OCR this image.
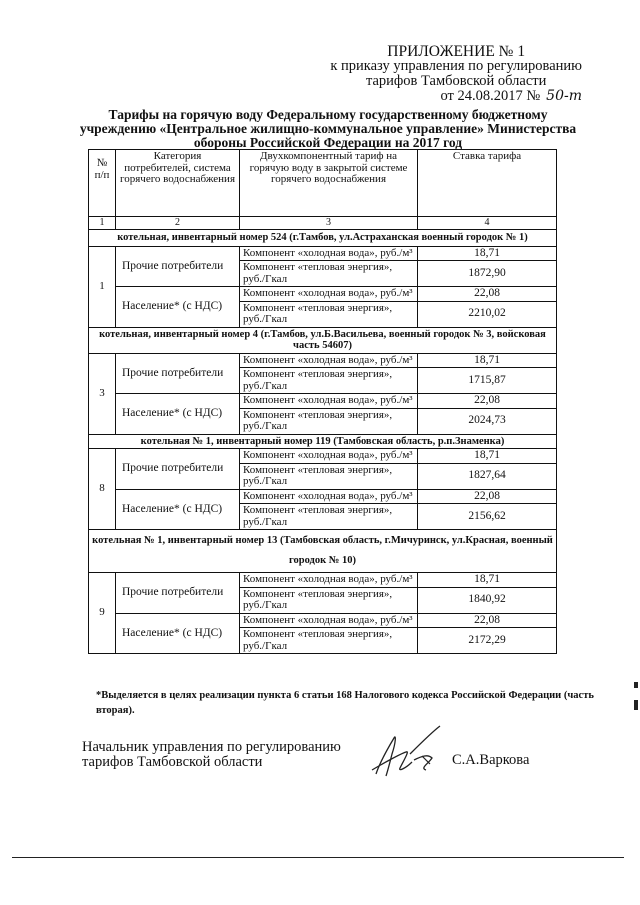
ПРИЛОЖЕНИЕ № 1
к приказу управления по регулированию
тарифов Тамбовской области
от 24.08.2017 № 50-т
Тарифы на горячую воду Федеральному государственному бюджетному
учреждению «Центральное жилищно-коммунальное управление» Министерства
обороны Российской Федерации на 2017 год
№ п/п	Категория потребителей, система горячего водоснабжения	Двухкомпонентный тариф на горячую воду в закрытой системе горячего водоснабжения	Ставка тарифа
1	2	3	4
котельная, инвентарный номер 524 (г.Тамбов, ул.Астраханская военный городок № 1)			
1	Прочие потребители	Компонент «холодная вода», руб./м³	18,71
		Компонент «тепловая энергия», руб./Гкал	1872,90
	Население* (с НДС)	Компонент «холодная вода», руб./м³	22,08
		Компонент «тепловая энергия», руб./Гкал	2210,02
котельная, инвентарный номер 4 (г.Тамбов, ул.Б.Васильева, военный городок № 3, войсковая часть 54607)			
3	Прочие потребители	Компонент «холодная вода», руб./м³	18,71
		Компонент «тепловая энергия», руб./Гкал	1715,87
	Население* (с НДС)	Компонент «холодная вода», руб./м³	22,08
		Компонент «тепловая энергия», руб./Гкал	2024,73
котельная № 1, инвентарный номер 119 (Тамбовская область, р.п.Знаменка)			
8	Прочие потребители	Компонент «холодная вода», руб./м³	18,71
		Компонент «тепловая энергия», руб./Гкал	1827,64
	Население* (с НДС)	Компонент «холодная вода», руб./м³	22,08
		Компонент «тепловая энергия», руб./Гкал	2156,62
котельная № 1, инвентарный номер 13 (Тамбовская область, г.Мичуринск, ул.Красная, военный городок № 10)			
9	Прочие потребители	Компонент «холодная вода», руб./м³	18,71
		Компонент «тепловая энергия», руб./Гкал	1840,92
	Население* (с НДС)	Компонент «холодная вода», руб./м³	22,08
		Компонент «тепловая энергия», руб./Гкал	2172,29
*Выделяется в целях реализации пункта 6 статьи 168 Налогового кодекса Российской Федерации (часть вторая).
Начальник управления по регулированию
тарифов Тамбовской области	С.А.Варкова
